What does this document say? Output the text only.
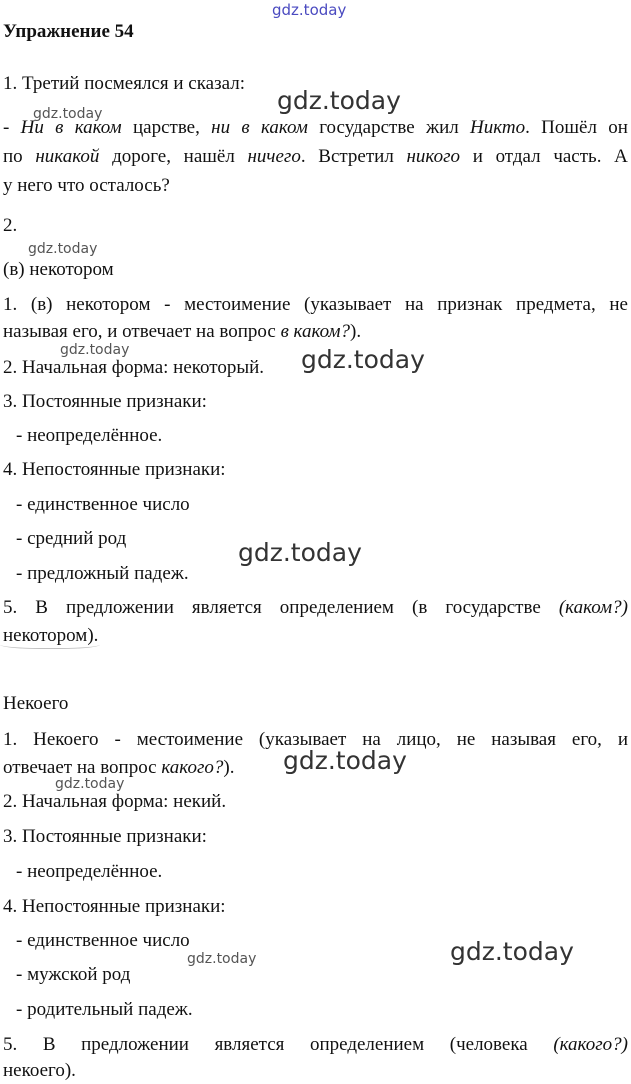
gdz.today
gdz.today
gdz.today
gdz.today
gdz.today	gdz.today
gdz.today
gdz.today
gdz.today
gdz.today
gdz.today
Упражнение 54
1. Третий посмеялся и сказал:
- Ни в каком царстве, ни в каком государстве жил Никто. Пошёл он
по никакой дороге, нашёл ничего. Встретил никого и отдал часть. А
у него что осталось?
2.
(в) некотором
1. (в) некотором - местоимение (указывает на признак предмета, не
называя его, и отвечает на вопрос в каком?).
2. Начальная форма: некоторый.
3. Постоянные признаки:
- неопределённое.
4. Непостоянные признаки:
- единственное число
- средний род
- предложный падеж.
5. В предложении является определением (в государстве (каком?)
некотором).
Некоего
1. Некоего - местоимение (указывает на лицо, не называя его, и
отвечает на вопрос какого?).
2. Начальная форма: некий.
3. Постоянные признаки:
- неопределённое.
4. Непостоянные признаки:
- единственное число
- мужской род
- родительный падеж.
5. В предложении является определением (человека (какого?)
некоего).
